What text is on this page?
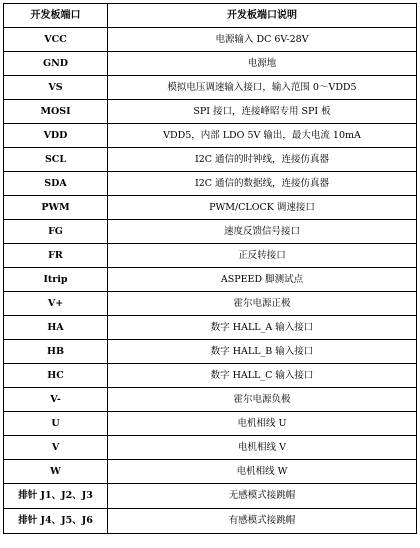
开发板端口	开发板端口说明
VCC	电源输入 DC 6V-28V
GND	电源地
VS	模拟电压调速输入接口，输入范围 0～VDD5
MOSI	SPI 接口，连接峰昭专用 SPI 板
VDD	VDD5，内部 LDO 5V 输出，最大电流 10mA
SCL	I2C 通信的时钟线，连接仿真器
SDA	I2C 通信的数据线，连接仿真器
PWM	PWM/CLOCK 调速接口
FG	速度反馈信号接口
FR	正反转接口
Itrip	ASPEED 脚测试点
V+	霍尔电源正极
HA	数字 HALL_A 输入接口
HB	数字 HALL_B 输入接口
HC	数字 HALL_C 输入接口
V-	霍尔电源负极
U	电机相线 U
V	电机相线 V
W	电机相线 W
排针 J1、J2、J3	无感模式接跳帽
排针 J4、J5、J6	有感模式接跳帽
